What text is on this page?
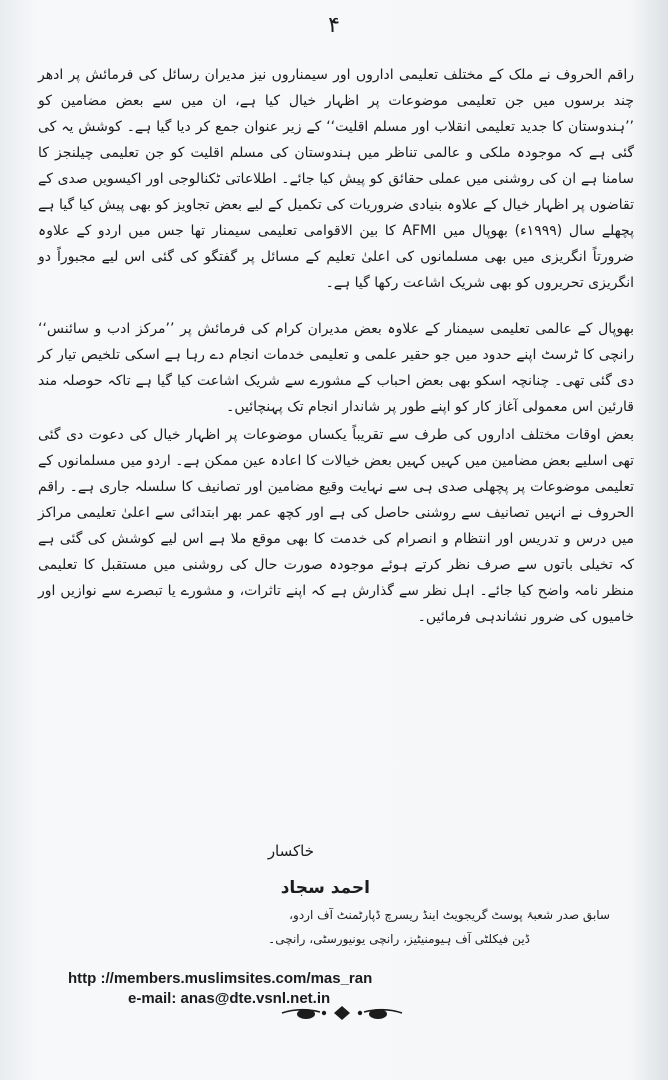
۴

راقم الحروف نے ملک کے مختلف تعلیمی اداروں اور سیمناروں نیز مدیران رسائل کی فرمائش پر ادھر چند برسوں میں جن تعلیمی موضوعات پر اظہار خیال کیا ہے، ان میں سے بعض مضامین کو ’’ہندوستان کا جدید تعلیمی انقلاب اور مسلم اقلیت‘‘ کے زیر عنوان جمع کر دیا گیا ہے۔ کوشش یہ کی گئی ہے کہ موجودہ ملکی و عالمی تناظر میں ہندوستان کی مسلم اقلیت کو جن تعلیمی چیلنجز کا سامنا ہے ان کی روشنی میں عملی حقائق کو پیش کیا جائے۔ اطلاعاتی ٹکنالوجی اور اکیسویں صدی کے تقاضوں پر اظہار خیال کے علاوہ بنیادی ضروریات کی تکمیل کے لیے بعض تجاویز کو بھی پیش کیا گیا ہے پچھلے سال (۱۹۹۹ء) بھوپال میں AFMI کا بین الاقوامی تعلیمی سیمنار تھا جس میں اردو کے علاوہ ضرورتاً انگریزی میں بھی مسلمانوں کی اعلیٰ تعلیم کے مسائل پر گفتگو کی گئی اس لیے مجبوراً دو انگریزی تحریروں کو بھی شریک اشاعت رکھا گیا ہے۔

بھوپال کے عالمی تعلیمی سیمنار کے علاوہ بعض مدیران کرام کی فرمائش پر ’’مرکز ادب و سائنس‘‘ رانچی کا ٹرسٹ اپنے حدود میں جو حقیر علمی و تعلیمی خدمات انجام دے رہا ہے اسکی تلخیص تیار کر دی گئی تھی۔ چنانچہ اسکو بھی بعض احباب کے مشورے سے شریک اشاعت کیا گیا ہے تاکہ حوصلہ مند قارئین اس معمولی آغاز کار کو اپنے طور پر شاندار انجام تک پہنچائیں۔

بعض اوقات مختلف اداروں کی طرف سے تقریباً یکساں موضوعات پر اظہار خیال کی دعوت دی گئی تھی اسلیے بعض مضامین میں کہیں کہیں بعض خیالات کا اعادہ عین ممکن ہے۔ اردو میں مسلمانوں کے تعلیمی موضوعات پر پچھلی صدی ہی سے نہایت وقیع مضامین اور تصانیف کا سلسلہ جاری ہے۔ راقم الحروف نے انہیں تصانیف سے روشنی حاصل کی ہے اور کچھ عمر بھر ابتدائی سے اعلیٰ تعلیمی مراکز میں درس و تدریس اور انتظام و انصرام کی خدمت کا بھی موقع ملا ہے اس لیے کوشش کی گئی ہے کہ تخیلی باتوں سے صرف نظر کرتے ہوئے موجودہ صورت حال کی روشنی میں مستقبل کا تعلیمی منظر نامہ واضح کیا جائے۔ اہل نظر سے گذارش ہے کہ اپنے تاثرات، و مشورے یا تبصرے سے نوازیں اور خامیوں کی ضرور نشاندہی فرمائیں۔

خاکسار
احمد سجاد
سابق صدر شعبۂ پوسٹ گریجویٹ اینڈ ریسرچ ڈپارٹمنٹ آف اردو،
ڈین فیکلٹی آف ہیومنیٹیز، رانچی یونیورسٹی، رانچی۔
http ://members.muslimsites.com/mas_ran
e-mail: anas@dte.vsnl.net.in
